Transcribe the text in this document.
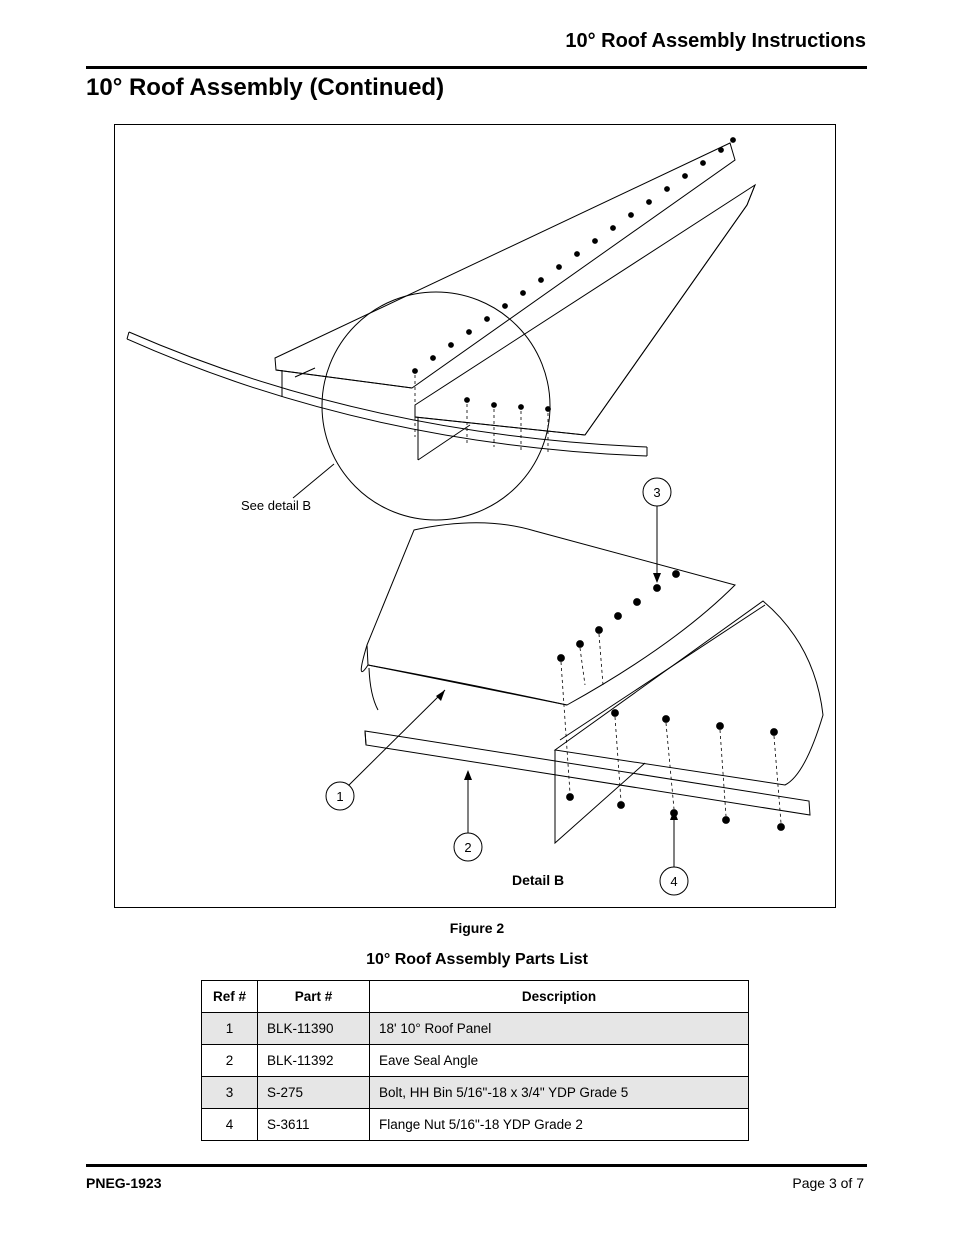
10° Roof Assembly Instructions
10° Roof Assembly (Continued)
See detail B
Detail B
3
1
2
4
Figure 2
10° Roof Assembly Parts List
Ref #	Part #	Description
1	BLK-11390	18' 10° Roof Panel
2	BLK-11392	Eave Seal Angle
3	S-275	Bolt, HH Bin 5/16"-18 x 3/4" YDP Grade 5
4	S-3611	Flange Nut 5/16"-18 YDP Grade 2
PNEG-1923	Page 3 of 7
